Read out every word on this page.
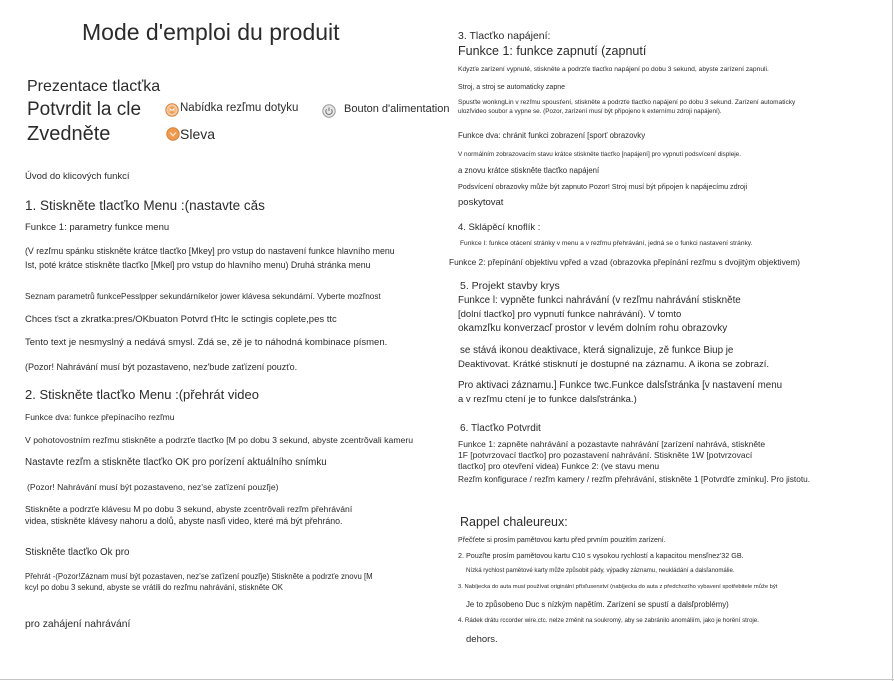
Mode d'emploi du produit
Prezentace tlacťka
Potvrdit la cle	Nabídka rezľmu dotyku	Bouton d'alimentation
Zvedněte	Sleva
Úvod do klicových funkcí
1. Stiskněte tlacťko Menu :(nastavte cǎs
Funkce 1: parametry funkce menu
(V rezľmu spánku stiskněte krátce tlacťko [Mkey] pro vstup do nastavení funkce hlavního menu
Ist, poté krátce stiskněte tlacťko [Mkel] pro vstup do hlavního menu) Druhá stránka menu
Seznam parametrů funkcePesslpper sekundárníkelor jower klávesa sekundární. Vyberte mozľnost
Chces ťsct a zkratka:pres/OKbuaton Potvrd ťHtc le sctingis coplete,pes ttc
Tento text je nesmyslný a nedává smysl. Zdá se, zě je to náhodná kombinace písmen.
(Pozor! Nahrávání musí být pozastaveno, nez'bude zaťízení pouzťo.
2. Stiskněte tlacťko Menu :(přehrát video
Funkce dva: funkce přepínacího rezľmu
V pohotovostním rezľmu stiskněte a podrzťe tlacťko [M po dobu 3 sekund, abyste zcentrǒvali kameru
Nastavte rezľm a stiskněte tlacťko OK pro porízení aktuálního snímku
(Pozor! Nahrávání musí být pozastaveno, nez'se zaťízení pouzľje)
Stiskněte a podrzťe klávesu M po dobu 3 sekund, abyste zcentrǒvali rezľm přehrávání
videa, stiskněte klávesy nahoru a dolů, abyste nasľi video, které má být přehráno.
Stiskněte tlacťko Ok pro
Přehrát -(Pozor!Záznam musí být pozastaven, nez'se zaťízení pouzľje) Stiskněte a podrzťe znovu [M
kcyl po dobu 3 sekund, abyste se vrátili do rezľmu nahrávání, stiskněte OK
pro zahájení nahrávání
3. Tlacťko napájení:
Funkce 1: funkce zapnutí (zapnutí
Kdyzťe zarízení vypnuté, stiskněte a podrzťe tlacťko napájení po dobu 3 sekund, abyste zarízení zapnuli.
Stroj, a stroj se automaticky zapne
Spusťte wonkngLin v rezľmu spousťení, stiskněte a podrzťe tlacťko napájení po dobu 3 sekund. Zarízení automaticky
ulozľvideo soubor a vypne se. (Pozor, zarízení musí být připojeno k externímu zdroji napájení).
Funkce dva: chránit funkci zobrazení [sporť obrazovky
V normálním zobrazovacím stavu krátce stiskněte tlacťko [napájení] pro vypnutí podsvícení displeje.
a znovu krátce stiskněte tlacťko napájení
Podsvícení obrazovky může být zapnuto Pozor! Stroj musí být připojen k napájecímu zdroji
poskytovat
4. Sklápěcí knoflík :
Funkce I: funkce otácení stránky v menu a v rezľmu přehrávání, jedná se o funkci nastavení stránky.
Funkce 2: přepínání objektivu vpřed a vzad (obrazovka přepínání rezľmu s dvojitým objektivem)
5. Projekt stavby krys
Funkce l: vypněte funkci nahrávání (v rezľmu nahrávání stiskněte
[dolní tlacťko] pro vypnutí funkce nahrávání). V tomto
okamzľku konverzacľ prostor v levém dolním rohu obrazovky
se stává ikonou deaktivace, která signalizuje, zě funkce Biup je
Deaktivovat. Krátké stisknutí je dostupné na záznamu. A ikona se zobrazí.
Pro aktivaci záznamu.] Funkce twc.Funkce dalsľstránka [v nastavení menu
a v rezľmu ctení je to funkce dalsľstránka.)
6. Tlacťko Potvrdit
Funkce 1: zapněte nahrávání a pozastavte nahrávání [zarízení nahrává, stiskněte
1F [potvrzovací tlacťko] pro pozastavení nahrávání. Stiskněte 1W [potvrzovací
tlacťko] pro otevření videa) Funkce 2: (ve stavu menu
Rezľm konfigurace / rezľm kamery / rezľm přehrávání, stiskněte 1 [Potvrdťe zmínku]. Pro jistotu.
Rappel chaleureux:
Přečťete si prosím pamětovou kartu před prvním pouzitím zarízení.
2. Pouzľte prosím pamětovou kartu C10 s vysokou rychlostí a kapacitou mensľnez'32 GB.
Nízká rychlost pamětové karty může způsobit pády, výpadky záznamu, neukládání a dalsľanomálie.
3. Nabíjecka do auta musí používat originální přísľusenství (nabíjecka do auta z předchozího vybavení spotřebitele může být
Je to způsobeno Duc s nízkým napětím. Zarízení se spustí a dalsľproblémy)
4. Rádek drátu rccorder wire.ctc. nelze změnit na soukromý, aby se zabránilo anomáliím, jako je horění stroje.
dehors.
